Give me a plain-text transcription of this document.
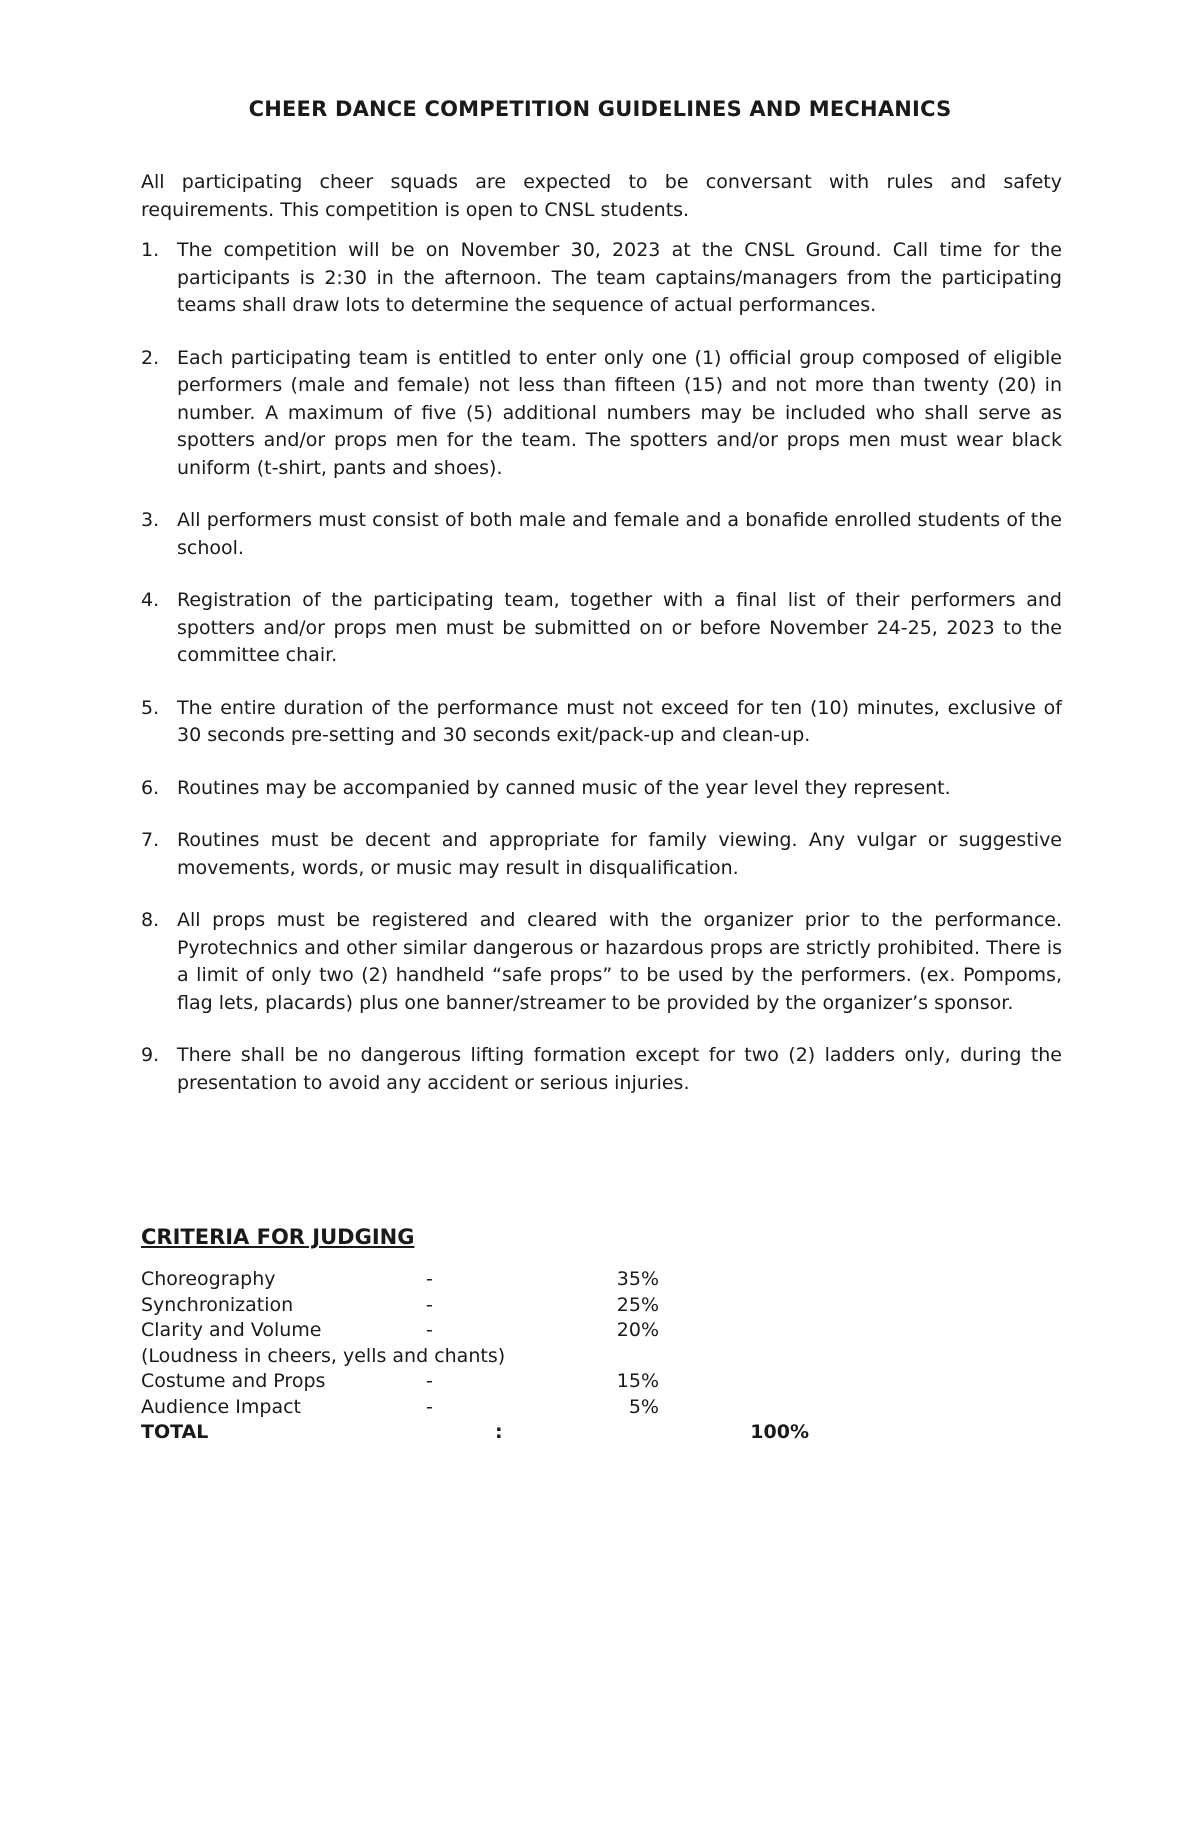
CHEER DANCE COMPETITION GUIDELINES AND MECHANICS
All participating cheer squads are expected to be conversant with rules and safety requirements. This competition is open to CNSL students.
1. The competition will be on November 30, 2023 at the CNSL Ground. Call time for the participants is 2:30 in the afternoon. The team captains/managers from the participating teams shall draw lots to determine the sequence of actual performances.
2. Each participating team is entitled to enter only one (1) official group composed of eligible performers (male and female) not less than fifteen (15) and not more than twenty (20) in number. A maximum of five (5) additional numbers may be included who shall serve as spotters and/or props men for the team. The spotters and/or props men must wear black uniform (t-shirt, pants and shoes).
3. All performers must consist of both male and female and a bonafide enrolled students of the school.
4. Registration of the participating team, together with a final list of their performers and spotters and/or props men must be submitted on or before November 24-25, 2023 to the committee chair.
5. The entire duration of the performance must not exceed for ten (10) minutes, exclusive of 30 seconds pre-setting and 30 seconds exit/pack-up and clean-up.
6. Routines may be accompanied by canned music of the year level they represent.
7. Routines must be decent and appropriate for family viewing. Any vulgar or suggestive movements, words, or music may result in disqualification.
8. All props must be registered and cleared with the organizer prior to the performance. Pyrotechnics and other similar dangerous or hazardous props are strictly prohibited. There is a limit of only two (2) handheld “safe props” to be used by the performers. (ex. Pompoms, flag lets, placards) plus one banner/streamer to be provided by the organizer’s sponsor.
9. There shall be no dangerous lifting formation except for two (2) ladders only, during the presentation to avoid any accident or serious injuries.
CRITERIA FOR JUDGING
Choreography	-	35%
Synchronization	-	25%
Clarity and Volume	-	20%
(Loudness in cheers, yells and chants)
Costume and Props	-	15%
Audience Impact	-	5%
TOTAL	:	100%
